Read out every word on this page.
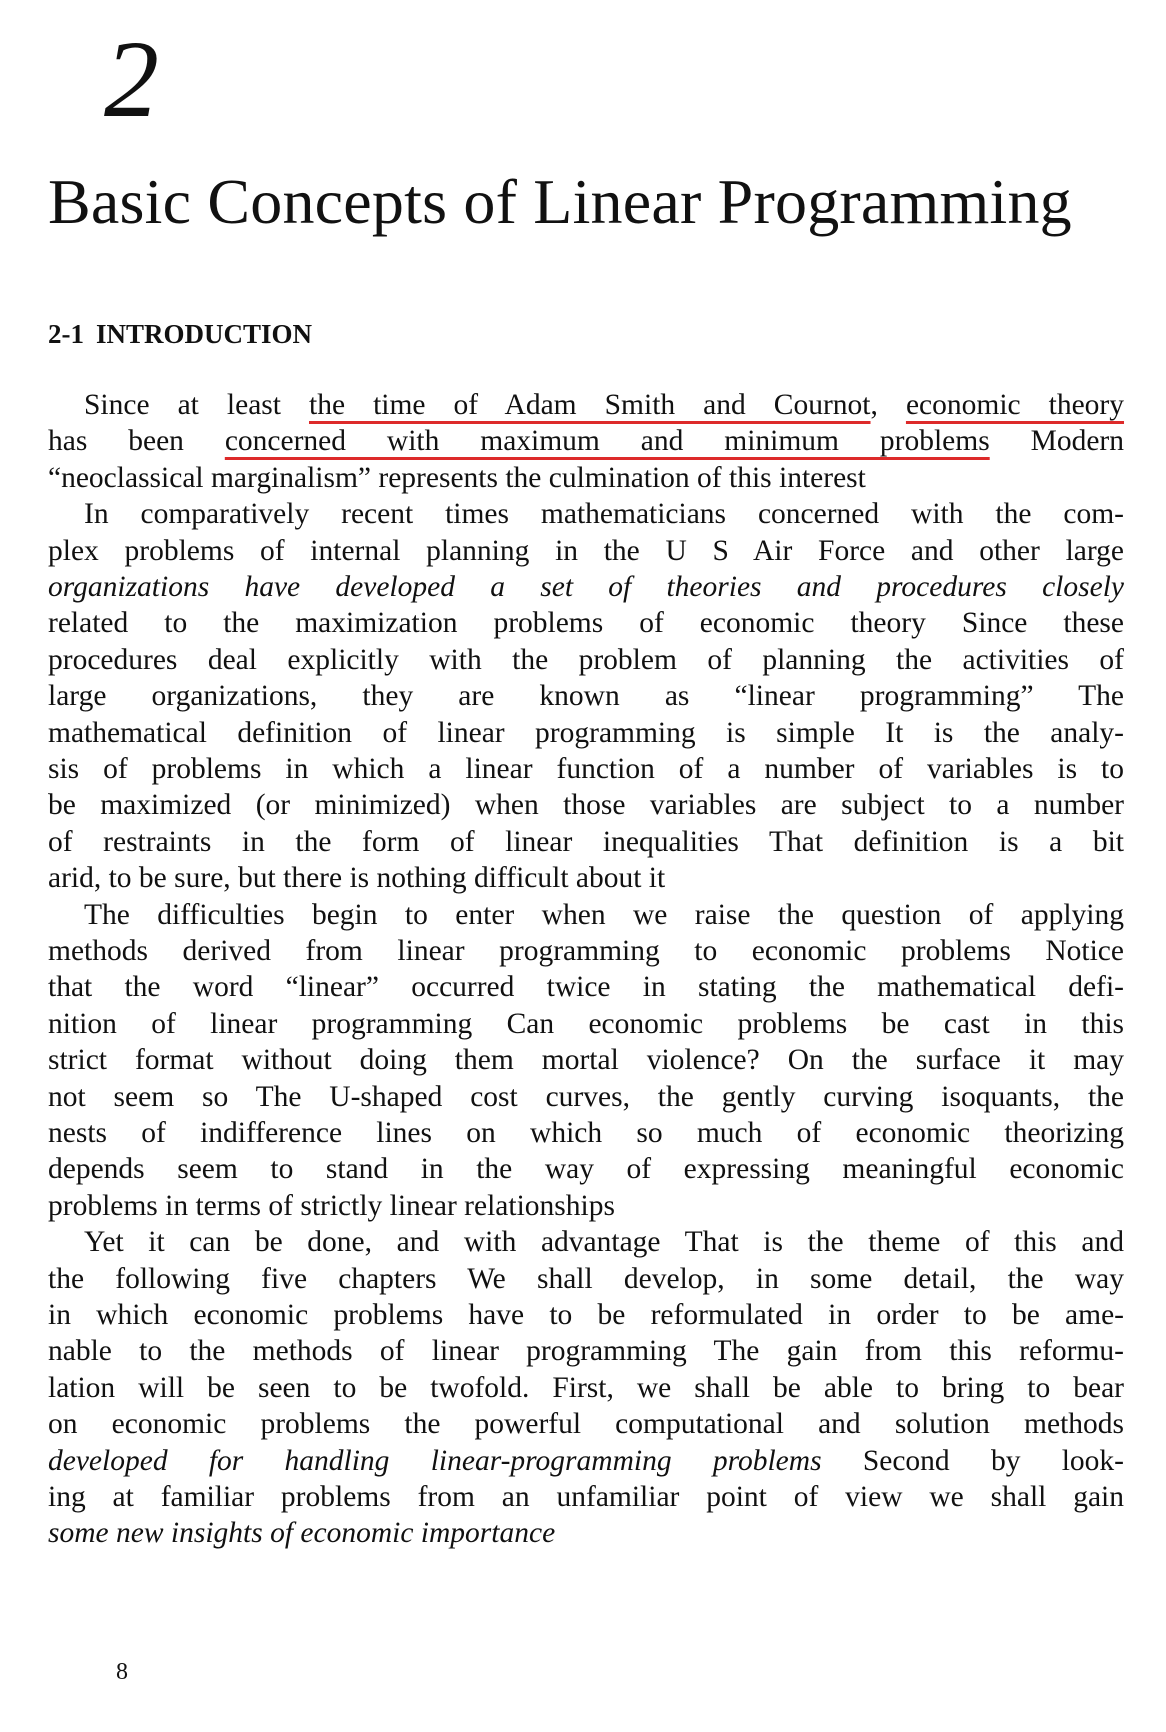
2
Basic Concepts of Linear Programming
2-1 INTRODUCTION
Since at least the time of Adam Smith and Cournot, economic theory
has been concerned with maximum and minimum problems Modern
“neoclassical marginalism” represents the culmination of this interest
In comparatively recent times mathematicians concerned with the com-
plex problems of internal planning in the U S Air Force and other large
organizations have developed a set of theories and procedures closely
related to the maximization problems of economic theory Since these
procedures deal explicitly with the problem of planning the activities of
large organizations, they are known as “linear programming” The
mathematical definition of linear programming is simple It is the analy-
sis of problems in which a linear function of a number of variables is to
be maximized (or minimized) when those variables are subject to a number
of restraints in the form of linear inequalities That definition is a bit
arid, to be sure, but there is nothing difficult about it
The difficulties begin to enter when we raise the question of applying
methods derived from linear programming to economic problems Notice
that the word “linear” occurred twice in stating the mathematical defi-
nition of linear programming Can economic problems be cast in this
strict format without doing them mortal violence? On the surface it may
not seem so The U-shaped cost curves, the gently curving isoquants, the
nests of indifference lines on which so much of economic theorizing
depends seem to stand in the way of expressing meaningful economic
problems in terms of strictly linear relationships
Yet it can be done, and with advantage That is the theme of this and
the following five chapters We shall develop, in some detail, the way
in which economic problems have to be reformulated in order to be ame-
nable to the methods of linear programming The gain from this reformu-
lation will be seen to be twofold. First, we shall be able to bring to bear
on economic problems the powerful computational and solution methods
developed for handling linear-programming problems Second by look-
ing at familiar problems from an unfamiliar point of view we shall gain
some new insights of economic importance
8
